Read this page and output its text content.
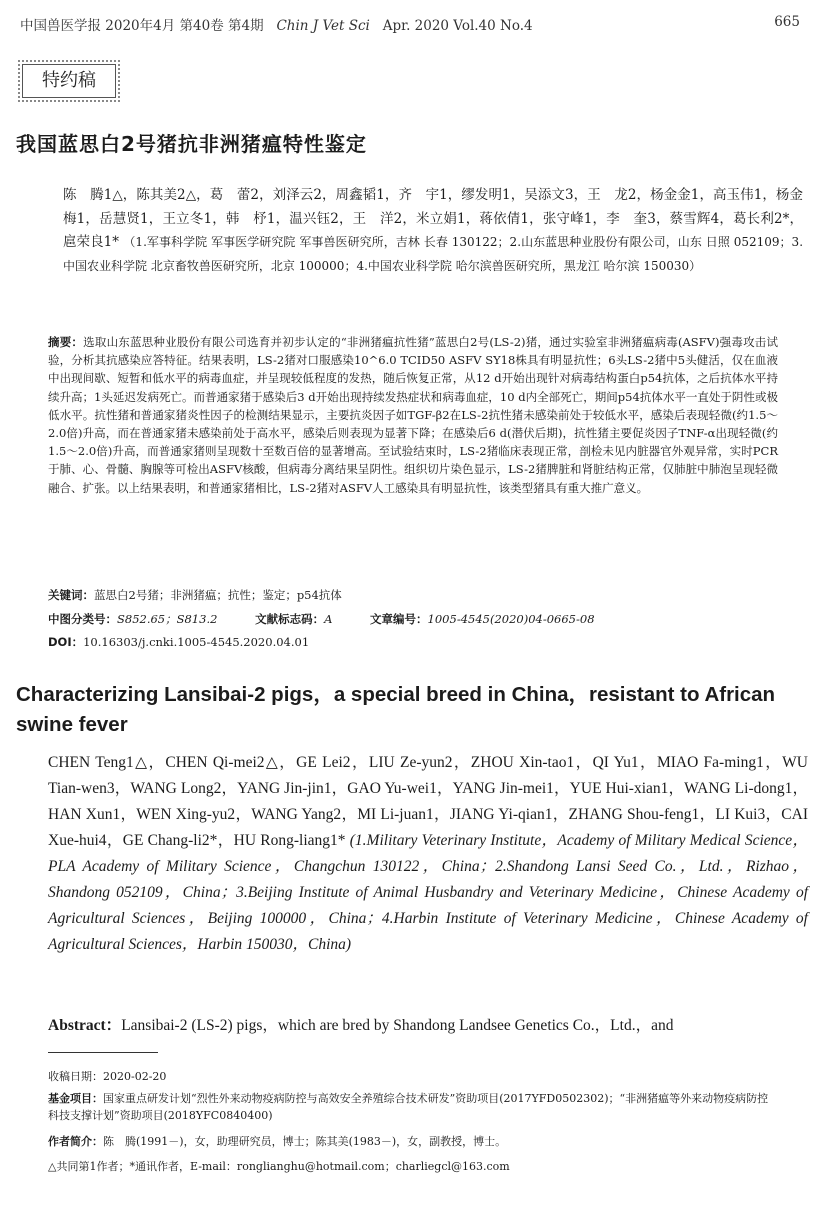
中国兽医学报 2020年4月 第40卷 第4期 Chin J Vet Sci Apr. 2020 Vol.40 No.4	665
特约稿
我国蓝思白2号猪抗非洲猪瘟特性鉴定
陈　腾1△，陈其美2△，葛　蕾2，刘泽云2，周鑫韬1，齐　宇1，缪发明1，吴添文3，王　龙2，杨金金1，高玉伟1，杨金梅1，岳慧贤1，王立冬1，韩　杼1，温兴钰2，王　洋2，米立娟1，蒋依倩1，张守峰1，李　奎3，蔡雪辉4，葛长利2*，扈荣良1* （1.军事科学院 军事医学研究院 军事兽医研究所，吉林 长春 130122；2.山东蓝思种业股份有限公司，山东 日照 052109；3.中国农业科学院 北京畜牧兽医研究所，北京 100000；4.中国农业科学院 哈尔滨兽医研究所，黑龙江 哈尔滨 150030）
摘要：选取山东蓝思种业股份有限公司选育并初步认定的“非洲猪瘟抗性猪”蓝思白2号(LS-2)猪，通过实验室非洲猪瘟病毒(ASFV)强毒攻击试验，分析其抗感染应答特征。结果表明，LS-2猪对口服感染10^6.0 TCID50 ASFV SY18株具有明显抗性；6头LS-2猪中5头健活，仅在血液中出现间歇、短暂和低水平的病毒血症，并呈现较低程度的发热，随后恢复正常，从12 d开始出现针对病毒结构蛋白p54抗体，之后抗体水平持续升高；1头延迟发病死亡。而普通家猪于感染后3 d开始出现持续发热症状和病毒血症，10 d内全部死亡，期间p54抗体水平一直处于阴性或极低水平。抗性猪和普通家猪炎性因子的检测结果显示，主要抗炎因子如TGF-β2在LS-2抗性猪未感染前处于较低水平，感染后表现轻微(约1.5～2.0倍)升高，而在普通家猪未感染前处于高水平，感染后则表现为显著下降；在感染后6 d(潜伏后期)，抗性猪主要促炎因子TNF-α出现轻微(约1.5～2.0倍)升高，而普通家猪则呈现数十至数百倍的显著增高。至试验结束时，LS-2猪临床表现正常，剖检未见内脏器官外观异常，实时PCR于肺、心、骨髓、胸腺等可检出ASFV核酸，但病毒分离结果呈阴性。组织切片染色显示，LS-2猪脾脏和肾脏结构正常，仅肺脏中肺泡呈现轻微融合、扩张。以上结果表明，和普通家猪相比，LS-2猪对ASFV人工感染具有明显抗性，该类型猪具有重大推广意义。
关键词：蓝思白2号猪；非洲猪瘟；抗性；鉴定；p54抗体
中图分类号：S852.65；S813.2	文献标志码：A	文章编号：1005-4545(2020)04-0665-08
DOI：10.16303/j.cnki.1005-4545.2020.04.01
Characterizing Lansibai-2 pigs，a special breed in China，resistant to African swine fever
CHEN Teng1△，CHEN Qi-mei2△，GE Lei2，LIU Ze-yun2，ZHOU Xin-tao1，QI Yu1，MIAO Fa-ming1，WU Tian-wen3，WANG Long2，YANG Jin-jin1，GAO Yu-wei1，YANG Jin-mei1，YUE Hui-xian1，WANG Li-dong1，HAN Xun1，WEN Xing-yu2，WANG Yang2，MI Li-juan1，JIANG Yi-qian1，ZHANG Shou-feng1，LI Kui3，CAI Xue-hui4，GE Chang-li2*，HU Rong-liang1* (1.Military Veterinary Institute，Academy of Military Medical Science，PLA Academy of Military Science，Changchun 130122，China；2.Shandong Lansi Seed Co.，Ltd.，Rizhao，Shandong 052109，China；3.Beijing Institute of Animal Husbandry and Veterinary Medicine，Chinese Academy of Agricultural Sciences，Beijing 100000，China；4.Harbin Institute of Veterinary Medicine，Chinese Academy of Agricultural Sciences，Harbin 150030，China)
Abstract：Lansibai-2 (LS-2) pigs，which are bred by Shandong Landsee Genetics Co.，Ltd.，and
收稿日期：2020-02-20
基金项目：国家重点研发计划“烈性外来动物疫病防控与高效安全养殖综合技术研发”资助项目(2017YFD0502302)；“非洲猪瘟等外来动物疫病防控科技支撑计划”资助项目(2018YFC0840400)
作者简介：陈　腾(1991－)，女，助理研究员，博士；陈其美(1983－)，女，副教授，博士。
△共同第1作者；*通讯作者，E-mail：ronglianghu@hotmail.com；charliegcl@163.com
